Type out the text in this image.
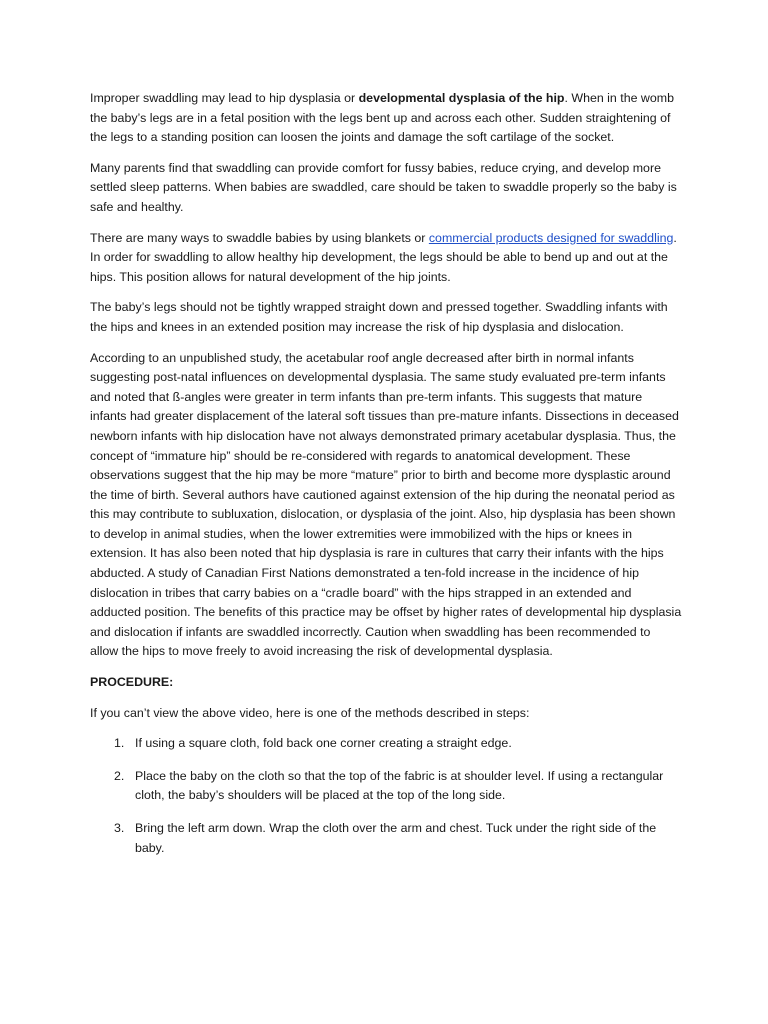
Improper swaddling may lead to hip dysplasia or developmental dysplasia of the hip. When in the womb the baby’s legs are in a fetal position with the legs bent up and across each other. Sudden straightening of the legs to a standing position can loosen the joints and damage the soft cartilage of the socket.

Many parents find that swaddling can provide comfort for fussy babies, reduce crying, and develop more settled sleep patterns. When babies are swaddled, care should be taken to swaddle properly so the baby is safe and healthy.

There are many ways to swaddle babies by using blankets or commercial products designed for swaddling. In order for swaddling to allow healthy hip development, the legs should be able to bend up and out at the hips. This position allows for natural development of the hip joints.

The baby’s legs should not be tightly wrapped straight down and pressed together. Swaddling infants with the hips and knees in an extended position may increase the risk of hip dysplasia and dislocation.

According to an unpublished study, the acetabular roof angle decreased after birth in normal infants suggesting post-natal influences on developmental dysplasia. The same study evaluated pre-term infants and noted that ß-angles were greater in term infants than pre-term infants. This suggests that mature infants had greater displacement of the lateral soft tissues than pre-mature infants. Dissections in deceased newborn infants with hip dislocation have not always demonstrated primary acetabular dysplasia. Thus, the concept of “immature hip” should be re-considered with regards to anatomical development. These observations suggest that the hip may be more “mature” prior to birth and become more dysplastic around the time of birth. Several authors have cautioned against extension of the hip during the neonatal period as this may contribute to subluxation, dislocation, or dysplasia of the joint. Also, hip dysplasia has been shown to develop in animal studies, when the lower extremities were immobilized with the hips or knees in extension. It has also been noted that hip dysplasia is rare in cultures that carry their infants with the hips abducted. A study of Canadian First Nations demonstrated a ten-fold increase in the incidence of hip dislocation in tribes that carry babies on a “cradle board” with the hips strapped in an extended and adducted position. The benefits of this practice may be offset by higher rates of developmental hip dysplasia and dislocation if infants are swaddled incorrectly. Caution when swaddling has been recommended to allow the hips to move freely to avoid increasing the risk of developmental dysplasia.

PROCEDURE:

If you can’t view the above video, here is one of the methods described in steps:

1. If using a square cloth, fold back one corner creating a straight edge.
2. Place the baby on the cloth so that the top of the fabric is at shoulder level. If using a rectangular cloth, the baby’s shoulders will be placed at the top of the long side.
3. Bring the left arm down. Wrap the cloth over the arm and chest. Tuck under the right side of the baby.
